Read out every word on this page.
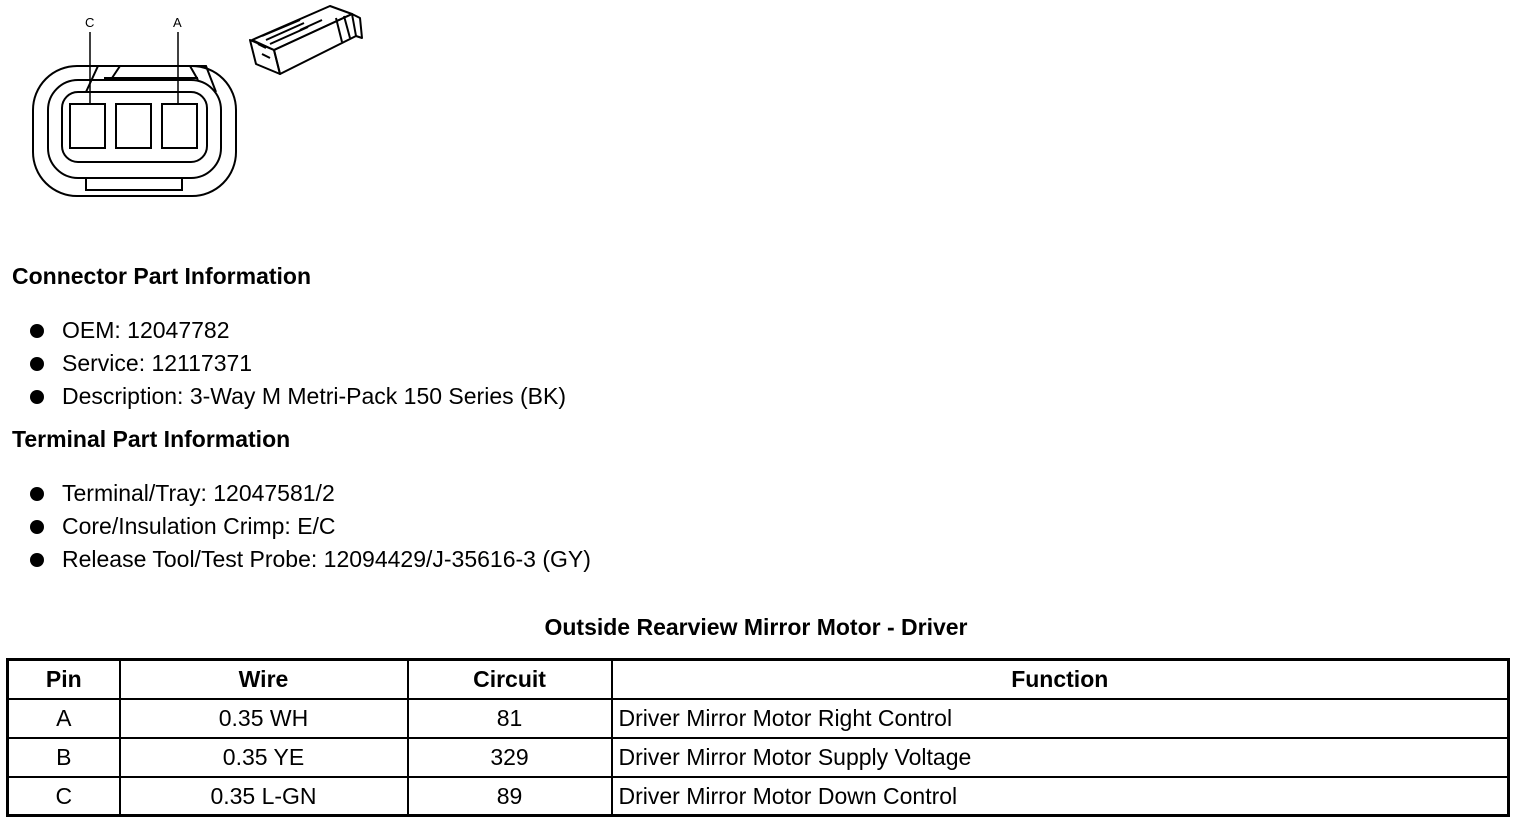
C	A
Connector Part Information
OEM: 12047782
Service: 12117371
Description: 3-Way M Metri-Pack 150 Series (BK)
Terminal Part Information
Terminal/Tray: 12047581/2
Core/Insulation Crimp: E/C
Release Tool/Test Probe: 12094429/J-35616-3 (GY)
Outside Rearview Mirror Motor - Driver
Pin	Wire	Circuit	Function
A	0.35 WH	81	Driver Mirror Motor Right Control
B	0.35 YE	329	Driver Mirror Motor Supply Voltage
C	0.35 L-GN	89	Driver Mirror Motor Down Control
